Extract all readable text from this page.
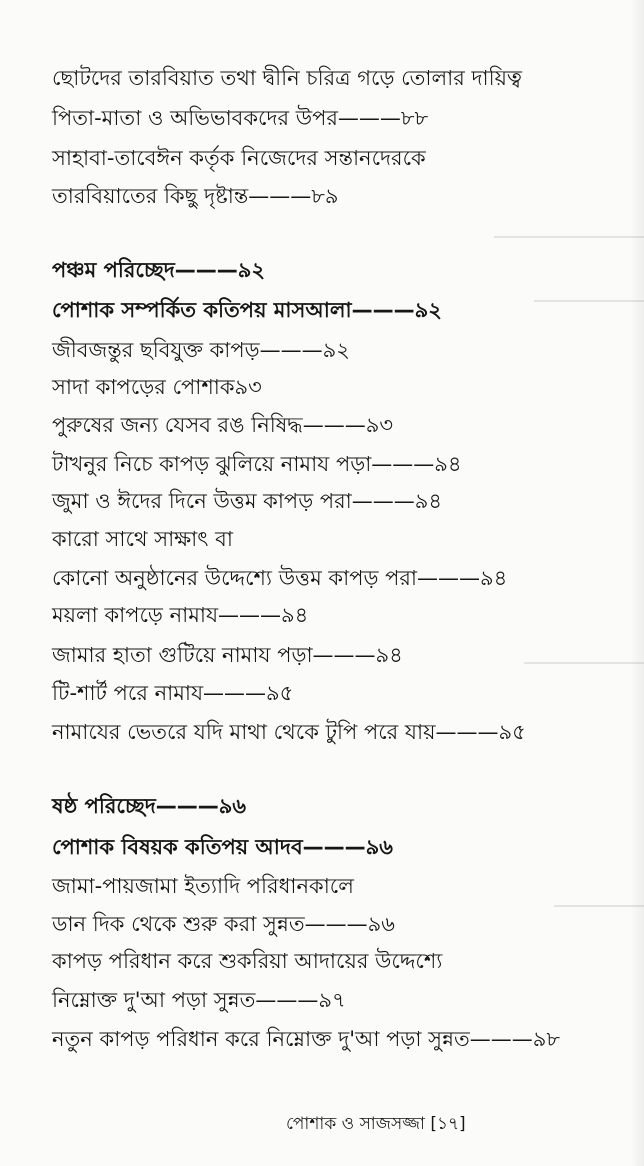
ছোটদের তারবিয়াত তথা দ্বীনি চরিত্র গড়ে তোলার দায়িত্ব
পিতা-মাতা ও অভিভাবকদের উপর———৮৮
সাহাবা-তাবেঈন কর্তৃক নিজেদের সন্তানদেরকে
তারবিয়াতের কিছু দৃষ্টান্ত———৮৯
পঞ্চম পরিচ্ছেদ———৯২
পোশাক সম্পর্কিত কতিপয় মাসআলা———৯২
জীবজন্তুর ছবিযুক্ত কাপড়———৯২
সাদা কাপড়ের পোশাক৯৩
পুরুষের জন্য যেসব রঙ নিষিদ্ধ———৯৩
টাখনুর নিচে কাপড় ঝুলিয়ে নামায পড়া———৯৪
জুমা ও ঈদের দিনে উত্তম কাপড় পরা———৯৪
কারো সাথে সাক্ষাৎ বা
কোনো অনুষ্ঠানের উদ্দেশ্যে উত্তম কাপড় পরা———৯৪
ময়লা কাপড়ে নামায———৯৪
জামার হাতা গুটিয়ে নামায পড়া———৯৪
টি-শার্ট পরে নামায———৯৫
নামাযের ভেতরে যদি মাথা থেকে টুপি পরে যায়———৯৫
ষষ্ঠ পরিচ্ছেদ———৯৬
পোশাক বিষয়ক কতিপয় আদব———৯৬
জামা-পায়জামা ইত্যাদি পরিধানকালে
ডান দিক থেকে শুরু করা সুন্নত———৯৬
কাপড় পরিধান করে শুকরিয়া আদায়ের উদ্দেশ্যে
নিম্নোক্ত দু'আ পড়া সুন্নত———৯৭
নতুন কাপড় পরিধান করে নিম্নোক্ত দু'আ পড়া সুন্নত———৯৮
পোশাক ও সাজসজ্জা [১৭]
